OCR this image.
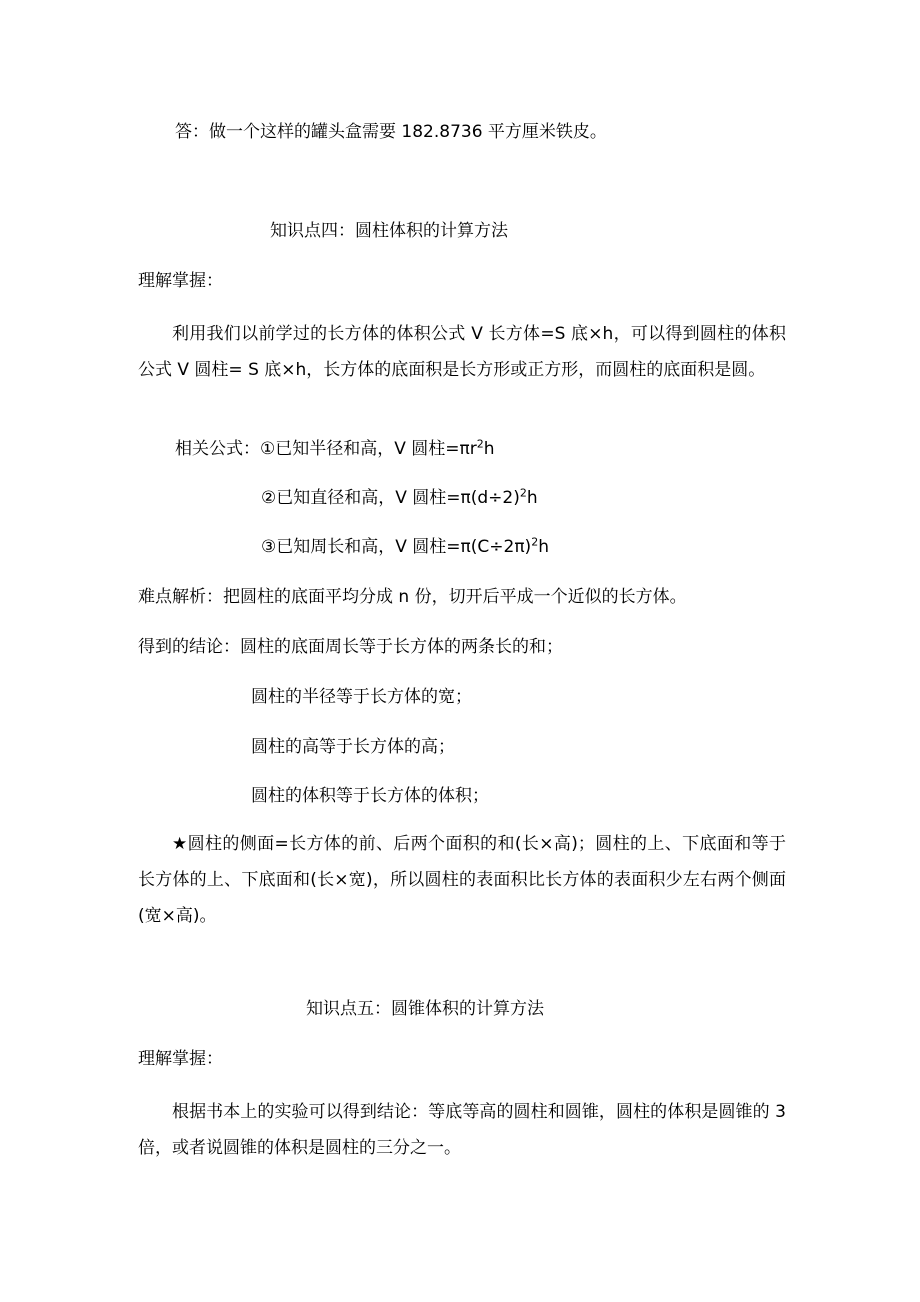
答：做一个这样的罐头盒需要 182.8736 平方厘米铁皮。
知识点四：圆柱体积的计算方法
理解掌握：
利用我们以前学过的长方体的体积公式 V 长方体=S 底×h，可以得到圆柱的体积公式 V 圆柱= S 底×h，长方体的底面积是长方形或正方形，而圆柱的底面积是圆。
相关公式：①已知半径和高，V 圆柱$=\pi r^2h$
②已知直径和高，V 圆柱$=\pi(d\div 2)^2h$
③已知周长和高，V 圆柱$=\pi(C\div 2\pi)^2h$
难点解析：把圆柱的底面平均分成 n 份，切开后平成一个近似的长方体。
得到的结论：圆柱的底面周长等于长方体的两条长的和；
圆柱的半径等于长方体的宽；
圆柱的高等于长方体的高；
圆柱的体积等于长方体的体积；
★圆柱的侧面=长方体的前、后两个面积的和(长×高)；圆柱的上、下底面和等于长方体的上、下底面和(长×宽)，所以圆柱的表面积比长方体的表面积少左右两个侧面(宽×高)。
知识点五：圆锥体积的计算方法
理解掌握：
根据书本上的实验可以得到结论：等底等高的圆柱和圆锥，圆柱的体积是圆锥的 3 倍，或者说圆锥的体积是圆柱的三分之一。
